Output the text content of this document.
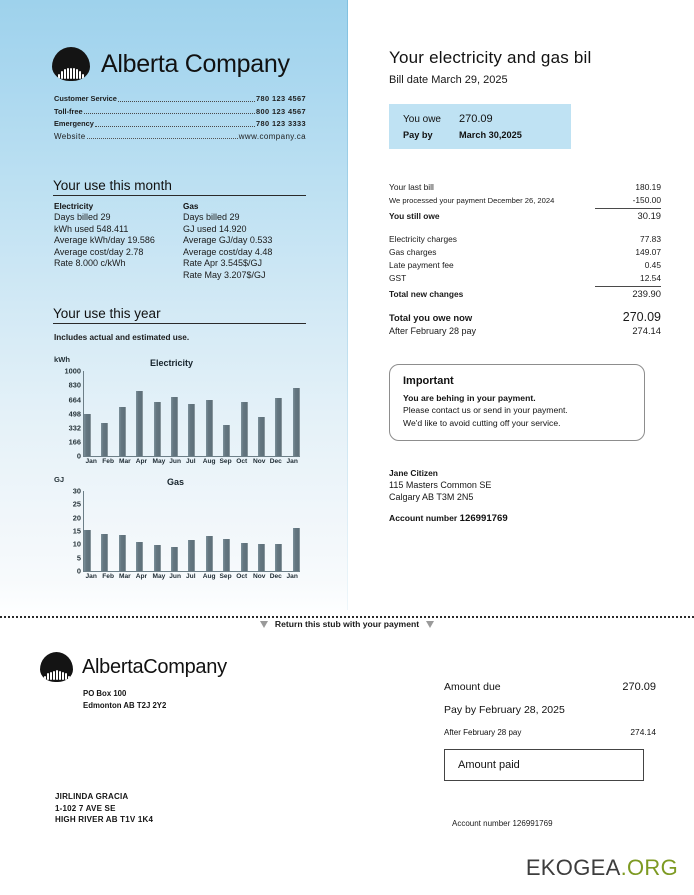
Alberta Company
Customer Service	780 123 4567
Toll-free	800 123 4567
Emergency	780 123 3333
Website	www.company.ca
Your use this month
Electricity
Days billed 29
kWh used 548.411
Average kWh/day 19.586
Average cost/day 2.78
Rate 8.000 c/kWh
Gas
Days billed 29
GJ used 14.920
Average GJ/day 0.533
Average cost/day 4.48
Rate Apr 3.545$/GJ
Rate May 3.207$/GJ
Your use this year
Includes actual and estimated use.
kWh	Electricity
0
166
332
498
664
830
1000
Jan Feb Mar Apr May Jun Jul Aug Sep Oct Nov Dec Jan
GJ	Gas
0
5
10
15
20
25
30
Jan Feb Mar Apr May Jun Jul Aug Sep Oct Nov Dec Jan
Your electricity and gas bil
Bill date March 29, 2025
You owe	270.09
Pay by	March 30,2025
Your last bill	180.19
We processed your payment December 26, 2024	-150.00
You still owe	30.19
Electricity charges	77.83
Gas charges	149.07
Late payment fee	0.45
GST	12.54
Total new changes	239.90
Total you owe now	270.09
After February 28 pay	274.14
Important

You are behing in your payment.

Please contact us or send in your payment.

We'd like to avoid cutting off your service.

Jane Citizen
115 Masters Common SE
Calgary AB T3M 2N5
Account number 126991769
Return this stub with your payment
AlbertaCompany
PO Box 100
Edmonton AB T2J 2Y2
JIRLINDA GRACIA
1-102 7 AVE SE
HIGH RIVER AB T1V 1K4
Amount due	270.09
Pay by February 28, 2025
After February 28 pay	274.14
Amount paid
Account number 126991769
EKOGEA.ORG
